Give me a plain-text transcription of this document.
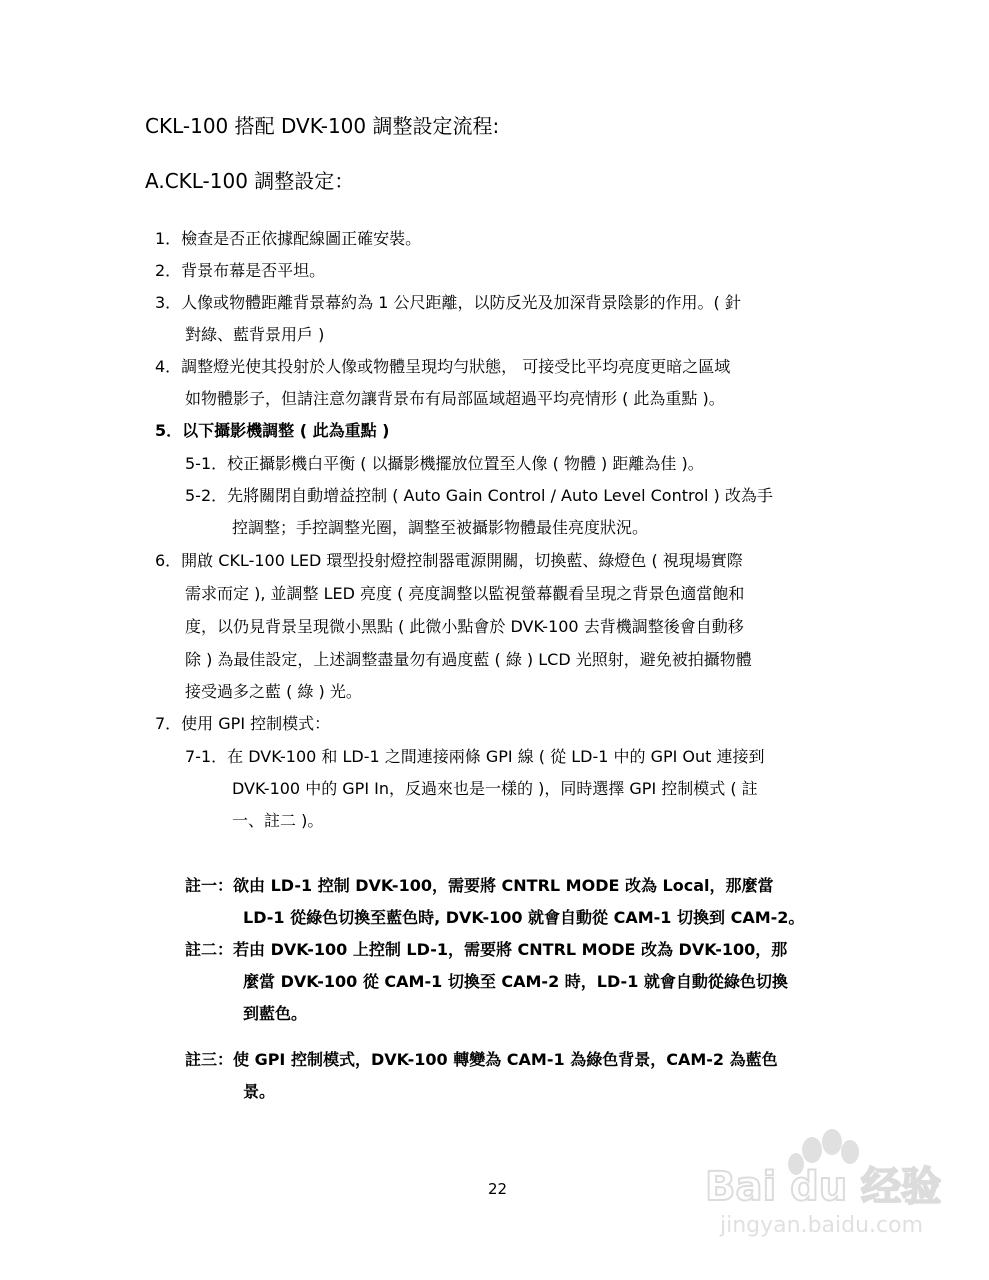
CKL-100 搭配 DVK-100 調整設定流程:
A.CKL-100 調整設定：
1．檢查是否正依據配線圖正確安裝。
2．背景布幕是否平坦。
3．人像或物體距離背景幕約為 1 公尺距離，以防反光及加深背景陰影的作用。( 針
對綠、藍背景用戶 )
4．調整燈光使其投射於人像或物體呈現均勻狀態， 可接受比平均亮度更暗之區域
如物體影子，但請注意勿讓背景布有局部區域超過平均亮情形 ( 此為重點 )。
5．以下攝影機調整 ( 此為重點 )
5-1．校正攝影機白平衡 ( 以攝影機擺放位置至人像 ( 物體 ) 距離為佳 )。
5-2．先將關閉自動增益控制 ( Auto Gain Control / Auto Level Control ) 改為手
控調整；手控調整光圈，調整至被攝影物體最佳亮度狀況。
6．開啟 CKL-100 LED 環型投射燈控制器電源開關，切換藍、綠燈色 ( 視現場實際
需求而定 ), 並調整 LED 亮度 ( 亮度調整以監視螢幕觀看呈現之背景色適當飽和
度，以仍見背景呈現微小黑點 ( 此微小點會於 DVK-100 去背機調整後會自動移
除 ) 為最佳設定，上述調整盡量勿有過度藍 ( 綠 ) LCD 光照射，避免被拍攝物體
接受過多之藍 ( 綠 ) 光。
7．使用 GPI 控制模式：
7-1．在 DVK-100 和 LD-1 之間連接兩條 GPI 線 ( 從 LD-1 中的 GPI Out 連接到
DVK-100 中的 GPI In，反過來也是一樣的 )，同時選擇 GPI 控制模式 ( 註
一、註二 )。
註一：欲由 LD-1 控制 DVK-100，需要將 CNTRL MODE 改為 Local，那麼當
LD-1 從綠色切換至藍色時, DVK-100 就會自動從 CAM-1 切換到 CAM-2。
註二：若由 DVK-100 上控制 LD-1，需要將 CNTRL MODE 改為 DVK-100，那
麼當 DVK-100 從 CAM-1 切換至 CAM-2 時，LD-1 就會自動從綠色切換
到藍色。
註三：使 GPI 控制模式，DVK-100 轉變為 CAM-1 為綠色背景，CAM-2 為藍色
景。
22	Bai du 经验
jingyan.baidu.com
